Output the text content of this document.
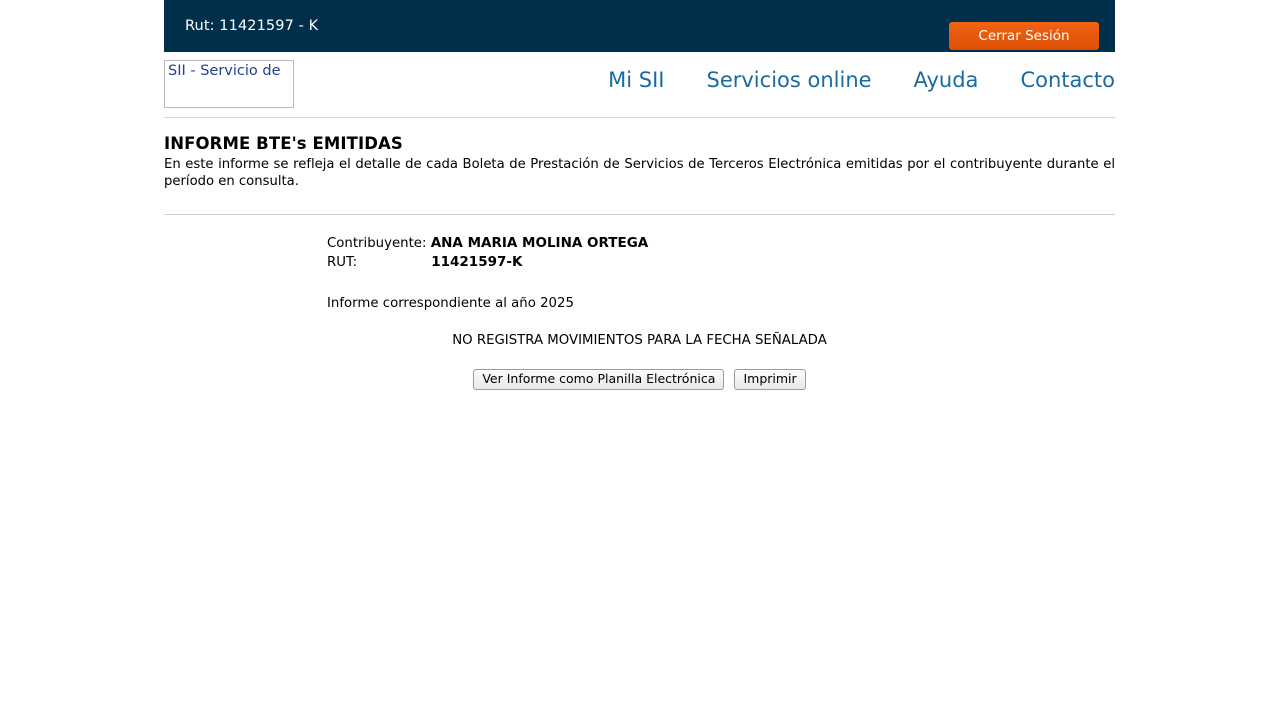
Rut: 11421597 - K
Cerrar Sesión
SII - Servicio de	Mi SII Servicios online Ayuda Contacto
INFORME BTE's EMITIDAS

En este informe se refleja el detalle de cada Boleta de Prestación de Servicios de Terceros Electrónica emitidas por el contribuyente durante el período en consulta.

Contribuyente: ANA MARIA MOLINA ORTEGA
RUT:	11421597-K
Informe correspondiente al año 2025
NO REGISTRA MOVIMIENTOS PARA LA FECHA SEÑALADA
Ver Informe como Planilla Electrónica Imprimir
